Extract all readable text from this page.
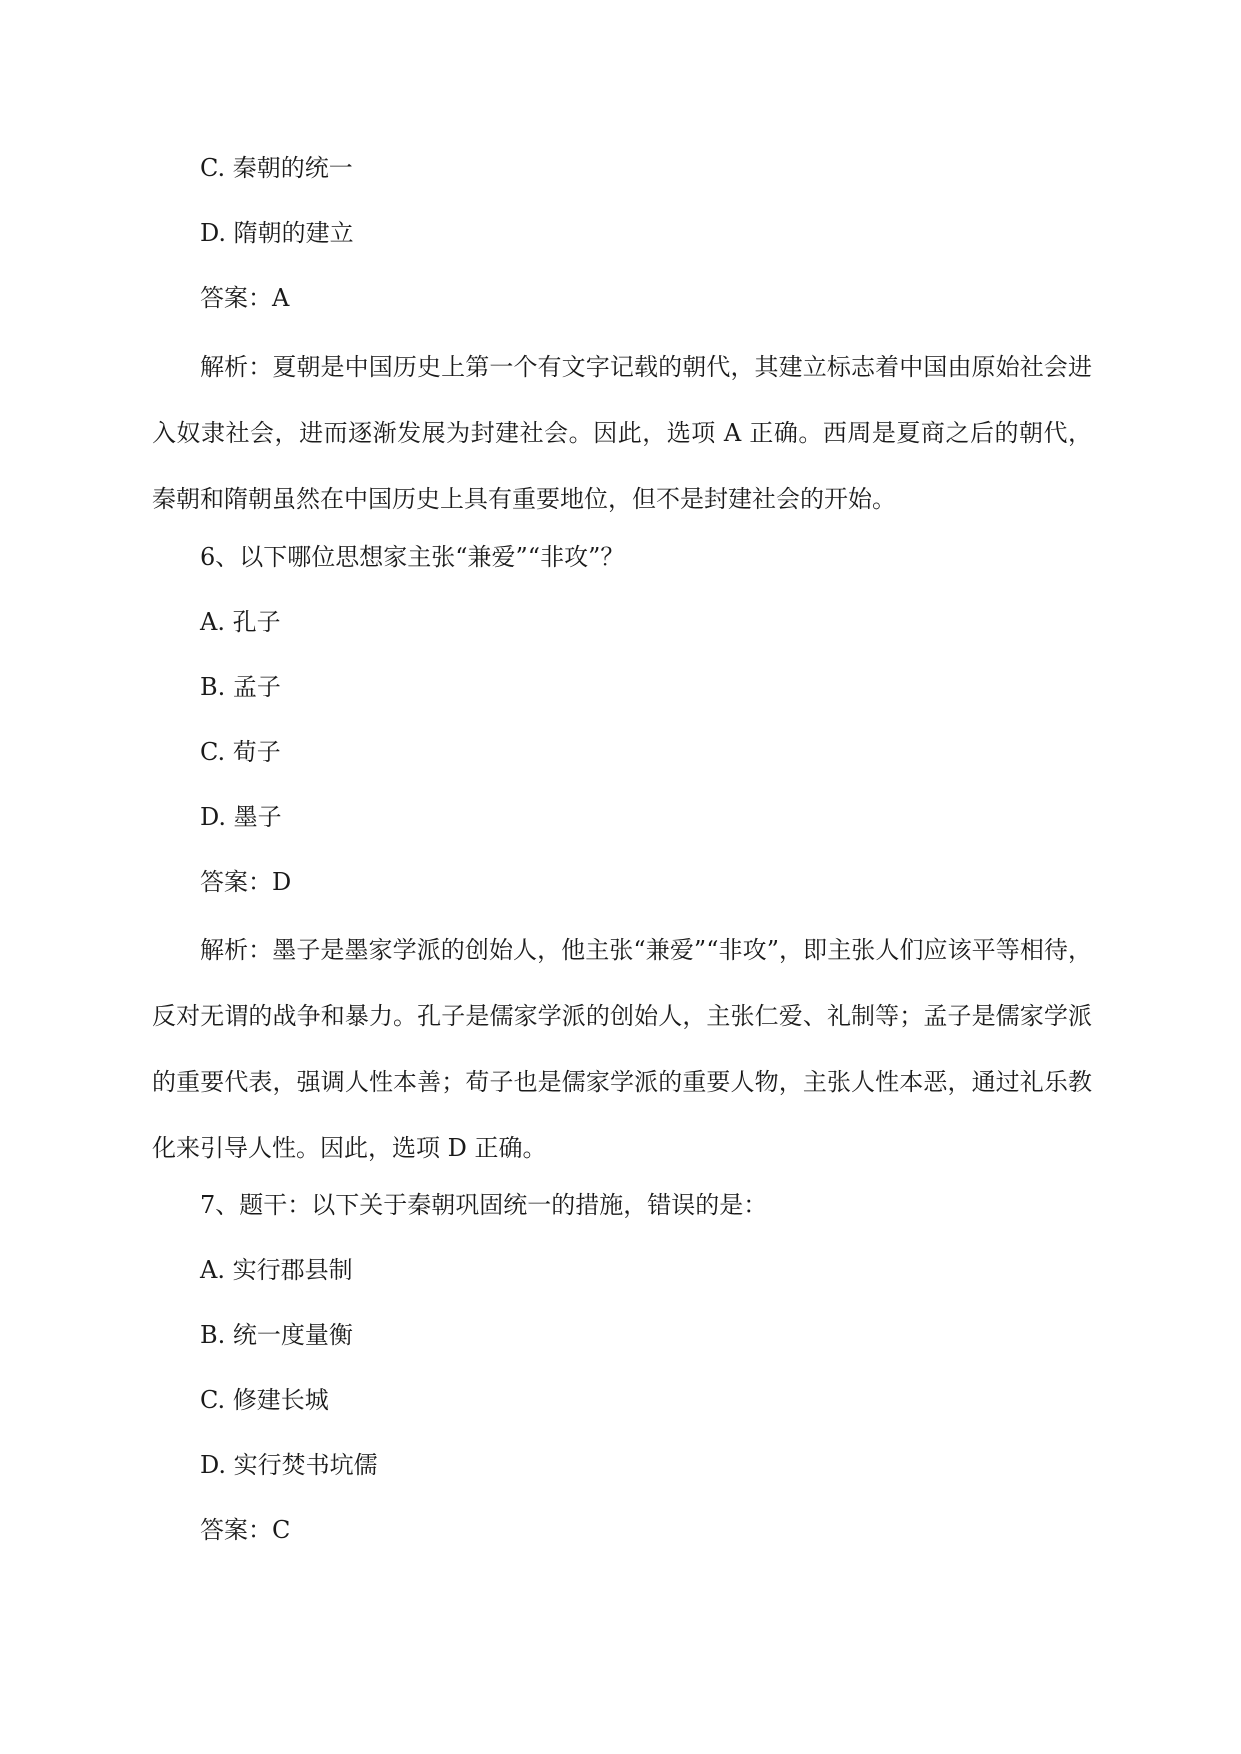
C. 秦朝的统一
D. 隋朝的建立
答案：A

解析：夏朝是中国历史上第一个有文字记载的朝代，其建立标志着中国由原始社会进入奴隶社会，进而逐渐发展为封建社会。因此，选项 A 正确。西周是夏商之后的朝代，秦朝和隋朝虽然在中国历史上具有重要地位，但不是封建社会的开始。

6、以下哪位思想家主张“兼爱”“非攻”？
A. 孔子
B. 孟子
C. 荀子
D. 墨子
答案：D

解析：墨子是墨家学派的创始人，他主张“兼爱”“非攻”，即主张人们应该平等相待，反对无谓的战争和暴力。孔子是儒家学派的创始人，主张仁爱、礼制等；孟子是儒家学派的重要代表，强调人性本善；荀子也是儒家学派的重要人物，主张人性本恶，通过礼乐教化来引导人性。因此，选项 D 正确。

7、题干：以下关于秦朝巩固统一的措施，错误的是：
A. 实行郡县制
B. 统一度量衡
C. 修建长城
D. 实行焚书坑儒
答案：C
